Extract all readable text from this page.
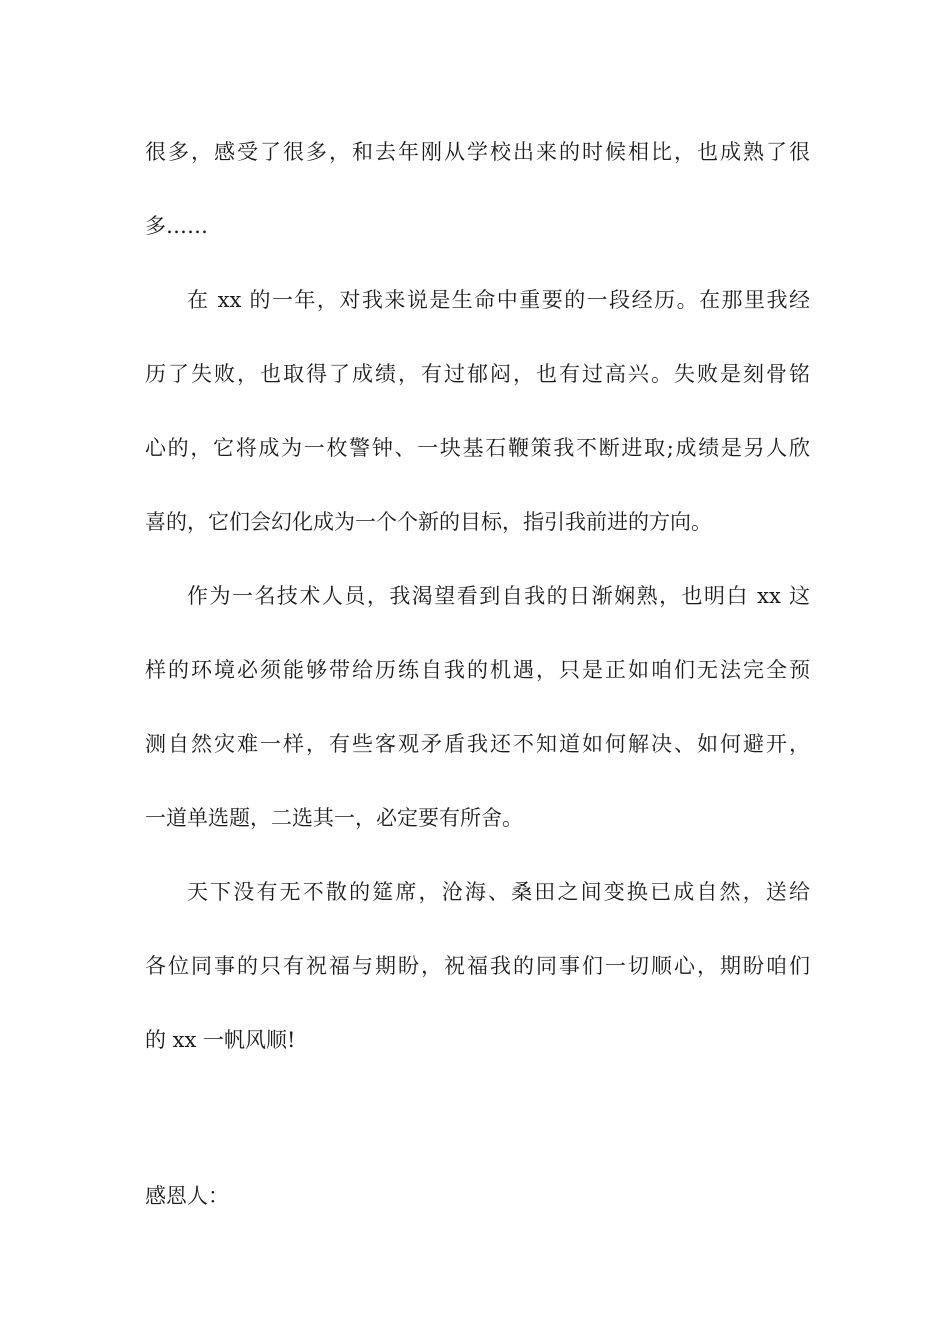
很多，感受了很多，和去年刚从学校出来的时候相比，也成熟了很
多……
在 xx 的一年，对我来说是生命中重要的一段经历。在那里我经
历了失败，也取得了成绩，有过郁闷，也有过高兴。失败是刻骨铭
心的，它将成为一枚警钟、一块基石鞭策我不断进取;成绩是另人欣
喜的，它们会幻化成为一个个新的目标，指引我前进的方向。
作为一名技术人员，我渴望看到自我的日渐娴熟，也明白 xx 这
样的环境必须能够带给历练自我的机遇，只是正如咱们无法完全预
测自然灾难一样，有些客观矛盾我还不知道如何解决、如何避开，
一道单选题，二选其一，必定要有所舍。
天下没有无不散的筵席，沧海、桑田之间变换已成自然，送给
各位同事的只有祝福与期盼，祝福我的同事们一切顺心，期盼咱们
的 xx 一帆风顺!
感恩人：
